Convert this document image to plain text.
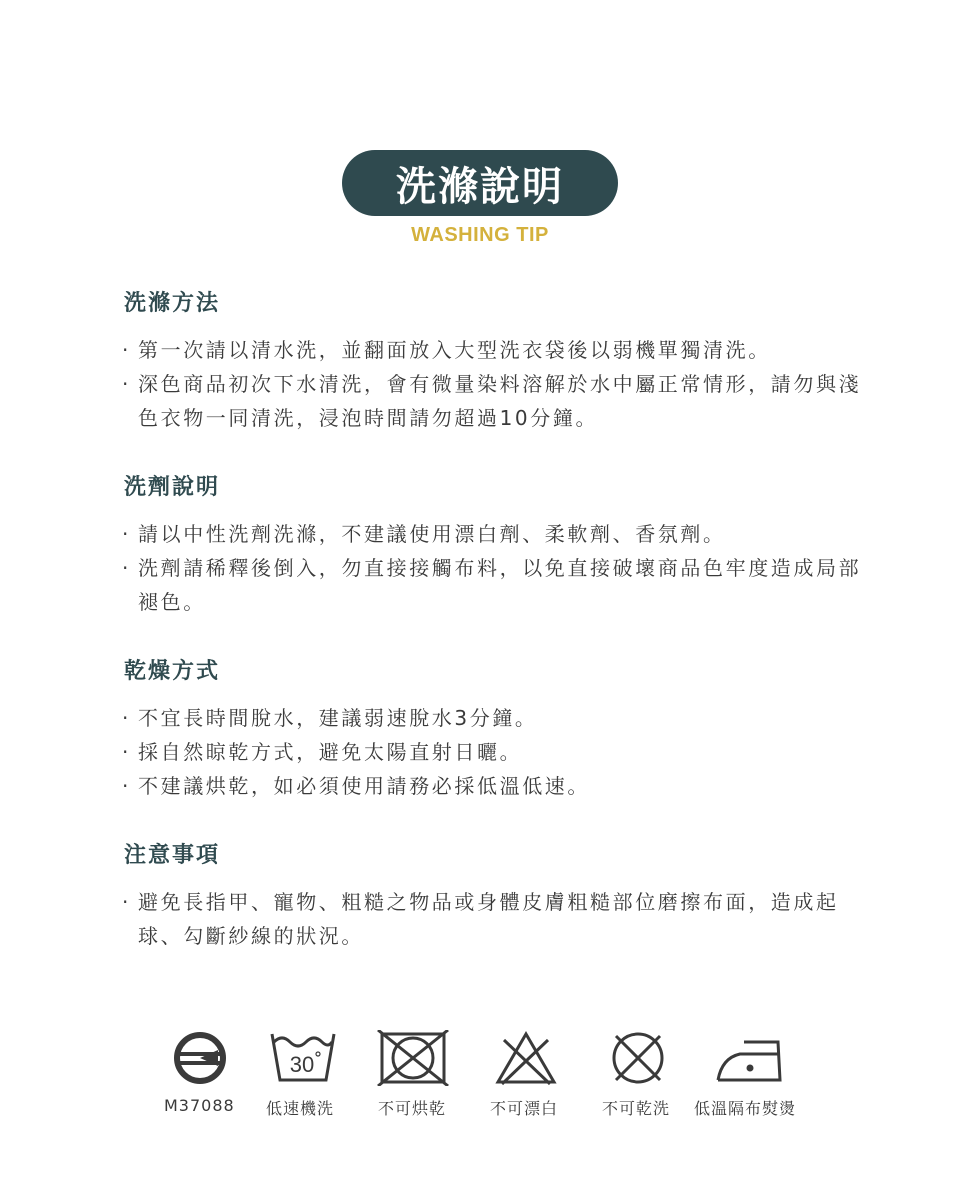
洗滌說明
WASHING TIP
洗滌方法
· 第一次請以清水洗，並翻面放入大型洗衣袋後以弱機單獨清洗。
· 深色商品初次下水清洗，會有微量染料溶解於水中屬正常情形，請勿與淺色衣物一同清洗，浸泡時間請勿超過10分鐘。
洗劑說明
· 請以中性洗劑洗滌，不建議使用漂白劑、柔軟劑、香氛劑。
· 洗劑請稀釋後倒入，勿直接接觸布料，以免直接破壞商品色牢度造成局部褪色。
乾燥方式
· 不宜長時間脫水，建議弱速脫水3分鐘。
· 採自然晾乾方式，避免太陽直射日曬。
· 不建議烘乾，如必須使用請務必採低溫低速。
注意事項
· 避免長指甲、寵物、粗糙之物品或身體皮膚粗糙部位磨擦布面，造成起球、勾斷紗線的狀況。
M37088
30
低速機洗	不可烘乾	不可漂白	不可乾洗 低溫隔布熨燙
